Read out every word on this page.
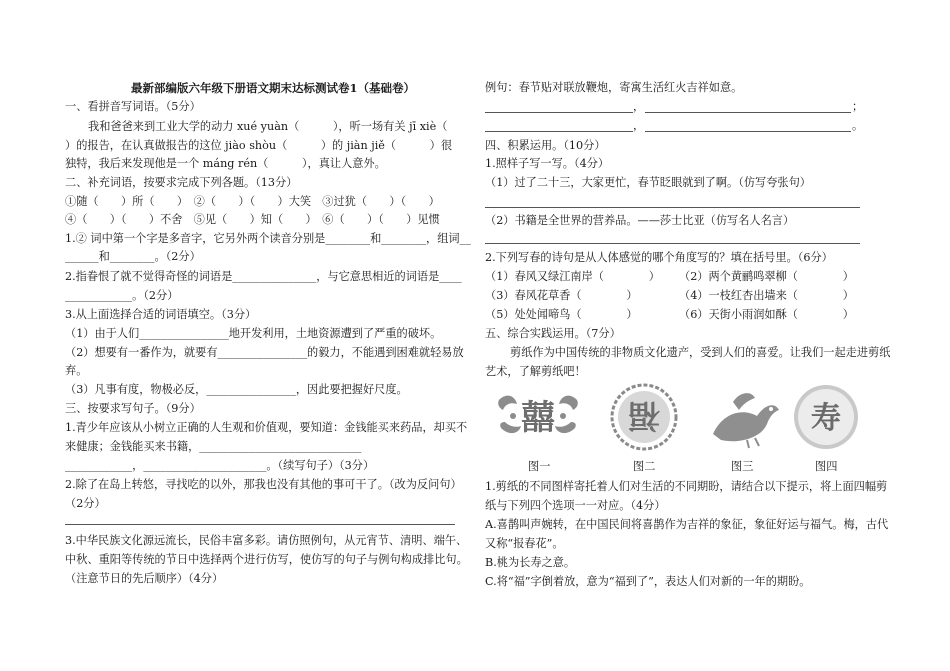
最新部编版六年级下册语文期末达标测试卷1（基础卷）
一、看拼音写词语。（5分）
我和爸爸来到工业大学的动力 xué yuàn（　　　），听一场有关 jī xiè（　　
）的报告，在认真做报告的这位 jiào shòu（　　　）的 jiàn jiě（　　　）很
独特，我后来发现他是一个 máng rén（　　　），真让人意外。
二、补充词语，按要求完成下列各题。（13分）
①随（　　）所（　　）　②（　　）（　　）大笑　③过犹（　　）（　　）
④（　　）（　　）不舍　⑤见（　　）知（　　）　⑥（　　）（　　）见惯
1.② 词中第一个字是多音字，它另外两个读音分别是________和________，组词__
______和________。（2分）
2.指眷恨了就不觉得奇怪的词语是_______________，与它意思相近的词语是____
____________。（2分）
3.从上面选择合适的词语填空。（3分）
（1）由于人们________________地开发利用，土地资源遭到了严重的破坏。
（2）想要有一番作为，就要有________________的毅力，不能遇到困难就轻易放
弃。
（3）凡事有度，物极必反，________________，因此要把握好尺度。
三、按要求写句子。（9分）
1.青少年应该从小树立正确的人生观和价值观，要知道：金钱能买来药品，却买不
来健康；金钱能买来书籍，_____________________________
____________，______________________。（续写句子）（3分）
2.除了在岛上转悠，寻找吃的以外，那我也没有其他的事可干了。（改为反问句）
（2分）
3.中华民族文化源远流长，民俗丰富多彩。请仿照例句，从元宵节、清明、端午、
中秋、重阳等传统的节日中选择两个进行仿写，使仿写的句子与例句构成排比句。
（注意节日的先后顺序）（4分）
例句：春节贴对联放鞭炮，寄寓生活红火吉祥如意。
，	；
，	。
四、积累运用。（10分）
1.照样子写一写。（4分）
（1）过了二十三，大家更忙，春节眨眼就到了啊。（仿写夸张句）
（2）书籍是全世界的营养品。——莎士比亚（仿写名人名言）
2.下列写春的诗句是从人体感觉的哪个角度写的？填在括号里。（6分）
（1）春风又绿江南岸（　　　　） （2）两个黄鹂鸣翠柳（　　　　）
（3）春风花草香（　　　　）	（4）一枝红杏出墙来（　　　　）
（5）处处闻啼鸟（　　　　）	（6）天街小雨润如酥（　　　　）
五、综合实践运用。（7分）
剪纸作为中国传统的非物质文化遗产，受到人们的喜爱。让我们一起走进剪纸
艺术，了解剪纸吧！
囍 福	寿
图一	图二	图三	图四
1.剪纸的不同图样寄托着人们对生活的不同期盼，请结合以下提示，将上面四幅剪
纸与下列四个选项一一对应。（4分）
A.喜鹊叫声婉转，在中国民间将喜鹊作为吉祥的象征，象征好运与福气。梅，古代
又称“报春花”。
B.桃为长寿之意。
C.将“福”字倒着放，意为“福到了”，表达人们对新的一年的期盼。
